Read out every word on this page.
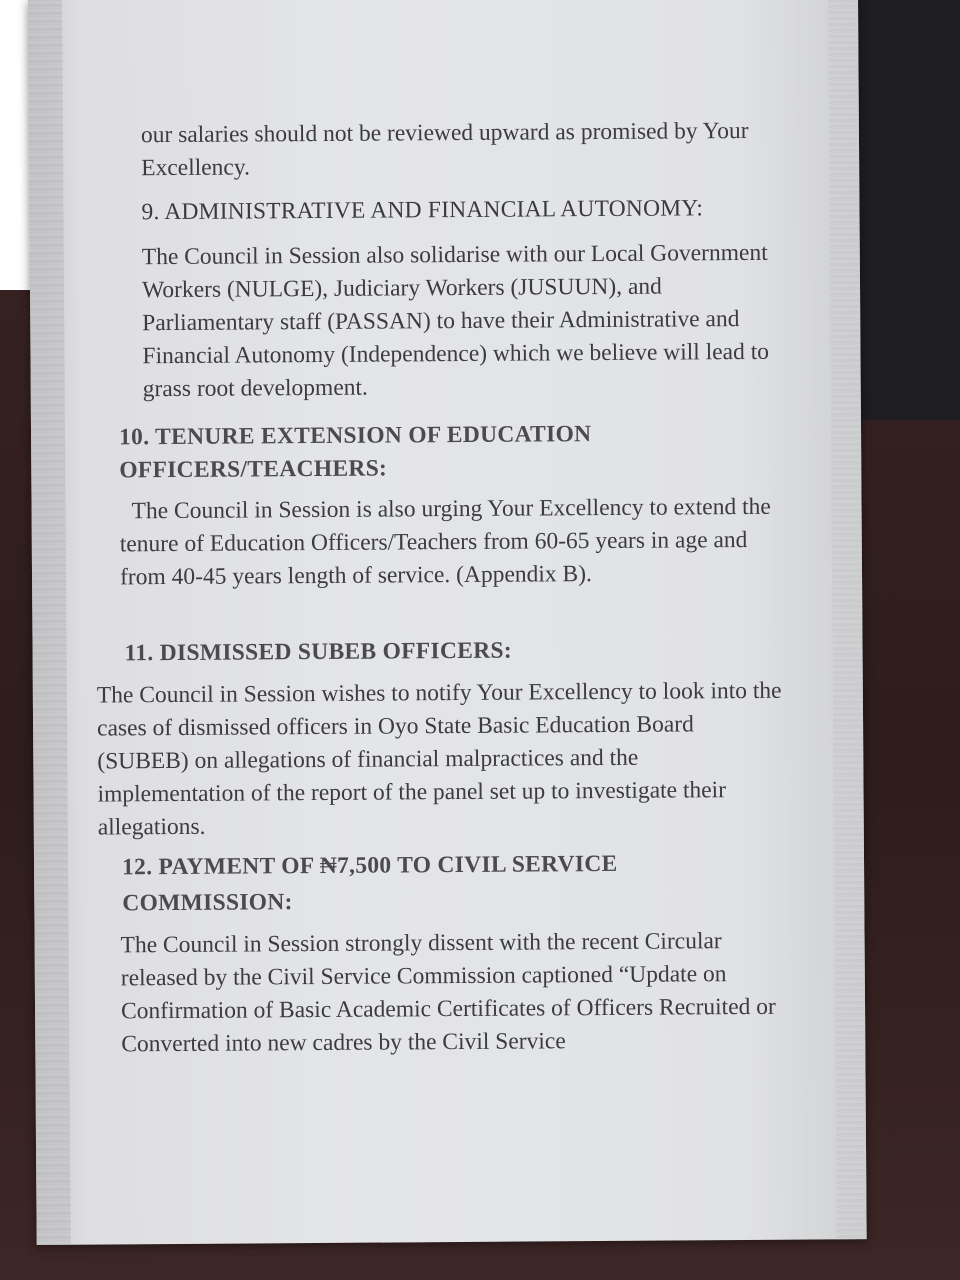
our salaries should not be reviewed upward as promised by Your Excellency.

9. ADMINISTRATIVE AND FINANCIAL AUTONOMY:

The Council in Session also solidarise with our Local Government Workers (NULGE), Judiciary Workers (JUSUUN), and Parliamentary staff (PASSAN) to have their Administrative and Financial Autonomy (Independence) which we believe will lead to grass root development.

10. TENURE EXTENSION OF EDUCATION OFFICERS/TEACHERS:

The Council in Session is also urging Your Excellency to extend the tenure of Education Officers/Teachers from 60-65 years in age and from 40-45 years length of service. (Appendix B).

11. DISMISSED SUBEB OFFICERS:

The Council in Session wishes to notify Your Excellency to look into the cases of dismissed officers in Oyo State Basic Education Board (SUBEB) on allegations of financial malpractices and the implementation of the report of the panel set up to investigate their allegations.

12. PAYMENT OF ₦7,500 TO CIVIL SERVICE COMMISSION:

The Council in Session strongly dissent with the recent Circular released by the Civil Service Commission captioned “Update on Confirmation of Basic Academic Certificates of Officers Recruited or Converted into new cadres by the Civil Service
